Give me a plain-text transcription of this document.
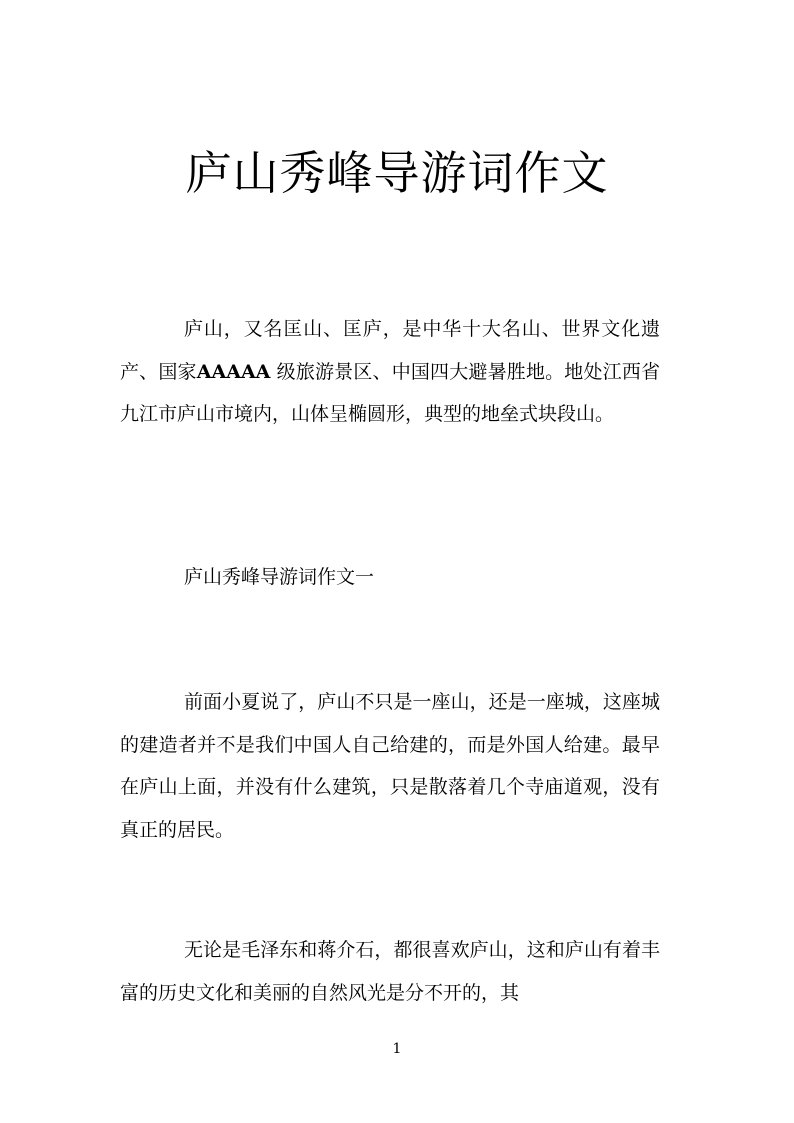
庐山秀峰导游词作文

庐山，又名匡山、匡庐，是中华十大名山、世界文化遗产、国家AAAAA 级旅游景区、中国四大避暑胜地。地处江西省九江市庐山市境内，山体呈椭圆形，典型的地垒式块段山。

庐山秀峰导游词作文一

前面小夏说了，庐山不只是一座山，还是一座城，这座城的建造者并不是我们中国人自己给建的，而是外国人给建。最早在庐山上面，并没有什么建筑，只是散落着几个寺庙道观，没有真正的居民。

无论是毛泽东和蒋介石，都很喜欢庐山，这和庐山有着丰富的历史文化和美丽的自然风光是分不开的，其

1
